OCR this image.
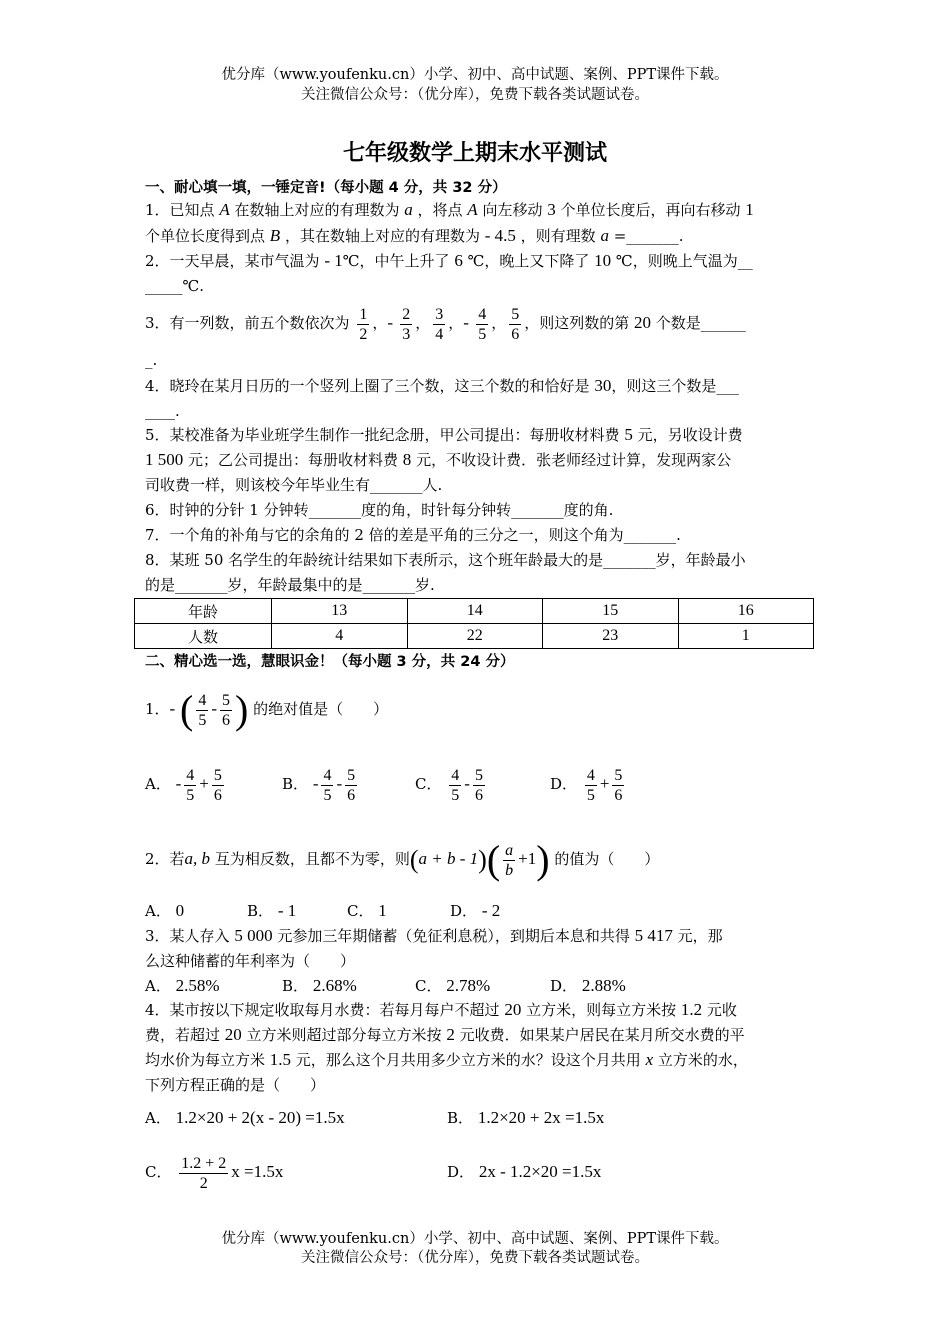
优分库（www.youfenku.cn）小学、初中、高中试题、案例、PPT课件下载。
关注微信公众号：（优分库），免费下载各类试题试卷。
七年级数学上期末水平测试
一、耐心填一填，一锤定音!（每小题 4 分，共 32 分）
1．已知点 A 在数轴上对应的有理数为 a ，将点 A 向左移动 3 个单位长度后，再向右移动 1
个单位长度得到点 B ，其在数轴上对应的有理数为 - 4.5 ，则有理数 a =_______.
2．一天早晨，某市气温为 - 1℃，中午上升了 6 ℃，晚上又下降了 10 ℃，则晚上气温为__
_____℃.
3．有一列数，前五个数依次为 $\frac{1}{2}$ ，- $\frac{2}{3}$ ， $\frac{3}{4}$ ，- $\frac{4}{5}$ ， $\frac{5}{6}$ ，则这列数的第 20 个数是______
_.
4．晓玲在某月日历的一个竖列上圈了三个数，这三个数的和恰好是 30，则这三个数是___
____.
5．某校准备为毕业班学生制作一批纪念册，甲公司提出：每册收材料费 5 元，另收设计费
1 500 元；乙公司提出：每册收材料费 8 元，不收设计费．张老师经过计算，发现两家公
司收费一样，则该校今年毕业生有_______人.
6．时钟的分针 1 分钟转_______度的角，时针每分钟转_______度的角.
7．一个角的补角与它的余角的 2 倍的差是平角的三分之一，则这个角为_______.
8．某班 50 名学生的年龄统计结果如下表所示，这个班年龄最大的是_______岁，年龄最小
的是_______岁，年龄最集中的是_______岁.
年龄	13	14	15	16
人数	4	22	23	1
二、精心选一选，慧眼识金！（每小题 3 分，共 24 分）
1．- ( $\frac{4}{5} - \frac{5}{6}$ ) 的绝对值是（　　）
A． - $\frac{4}{5} + \frac{5}{6}$	B． - $\frac{4}{5} - \frac{5}{6}$	C． $\frac{4}{5} - \frac{5}{6}$	D． $\frac{4}{5} + \frac{5}{6}$
2．若a, b 互为相反数，且都不为零，则$(a + b - 1)( \frac{a}{b} +1)$ 的值为（　　）
A． 0	B． - 1	C． 1	D． - 2
3．某人存入 5 000 元参加三年期储蓄（免征利息税），到期后本息和共得 5 417 元，那
么这种储蓄的年利率为（　　）
A． 2.58%	B． 2.68%	C． 2.78%	D． 2.88%
4．某市按以下规定收取每月水费：若每月每户不超过 20 立方米，则每立方米按 1.2 元收
费，若超过 20 立方米则超过部分每立方米按 2 元收费．如果某户居民在某月所交水费的平
均水价为每立方米 1.5 元，那么这个月共用多少立方米的水？设这个月共用 x 立方米的水，
下列方程正确的是（　　）
A． 1.2×20 + 2(x - 20) =1.5x	B． 1.2×20 + 2x =1.5x
C． $\frac{1.2 + 2}{2}$ x =1.5x	D． 2x - 1.2×20 =1.5x
优分库（www.youfenku.cn）小学、初中、高中试题、案例、PPT课件下载。
关注微信公众号：（优分库），免费下载各类试题试卷。
